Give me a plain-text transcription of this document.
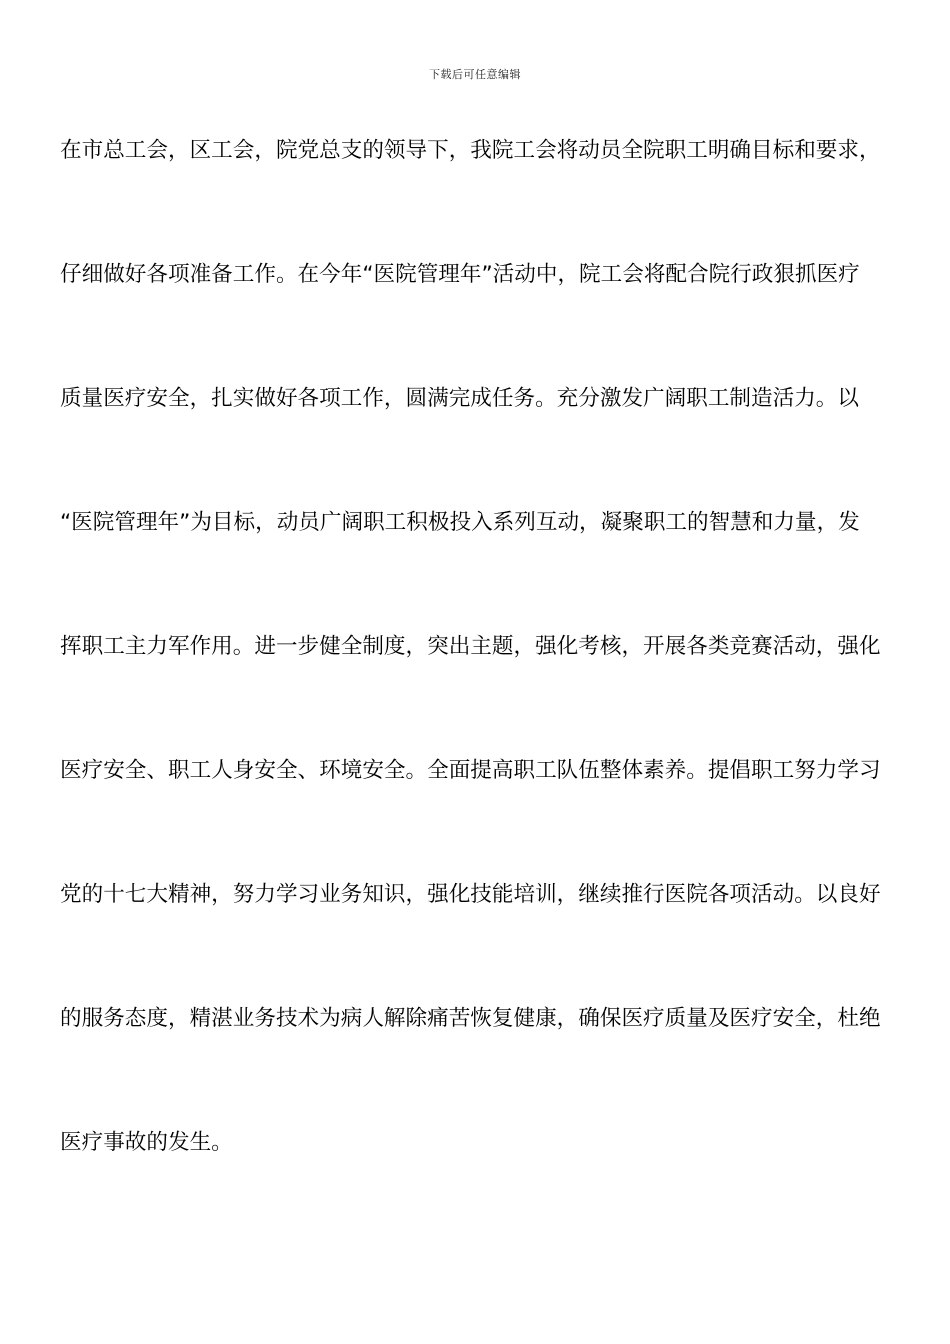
下载后可任意编辑
在市总工会，区工会，院党总支的领导下，我院工会将动员全院职工明确目标和要求，
仔细做好各项准备工作。在今年“医院管理年”活动中，院工会将配合院行政狠抓医疗
质量医疗安全，扎实做好各项工作，圆满完成任务。充分激发广阔职工制造活力。以
“医院管理年”为目标，动员广阔职工积极投入系列互动，凝聚职工的智慧和力量，发
挥职工主力军作用。进一步健全制度，突出主题，强化考核，开展各类竞赛活动，强化
医疗安全、职工人身安全、环境安全。全面提高职工队伍整体素养。提倡职工努力学习
党的十七大精神，努力学习业务知识，强化技能培训，继续推行医院各项活动。以良好
的服务态度，精湛业务技术为病人解除痛苦恢复健康，确保医疗质量及医疗安全，杜绝
医疗事故的发生。
